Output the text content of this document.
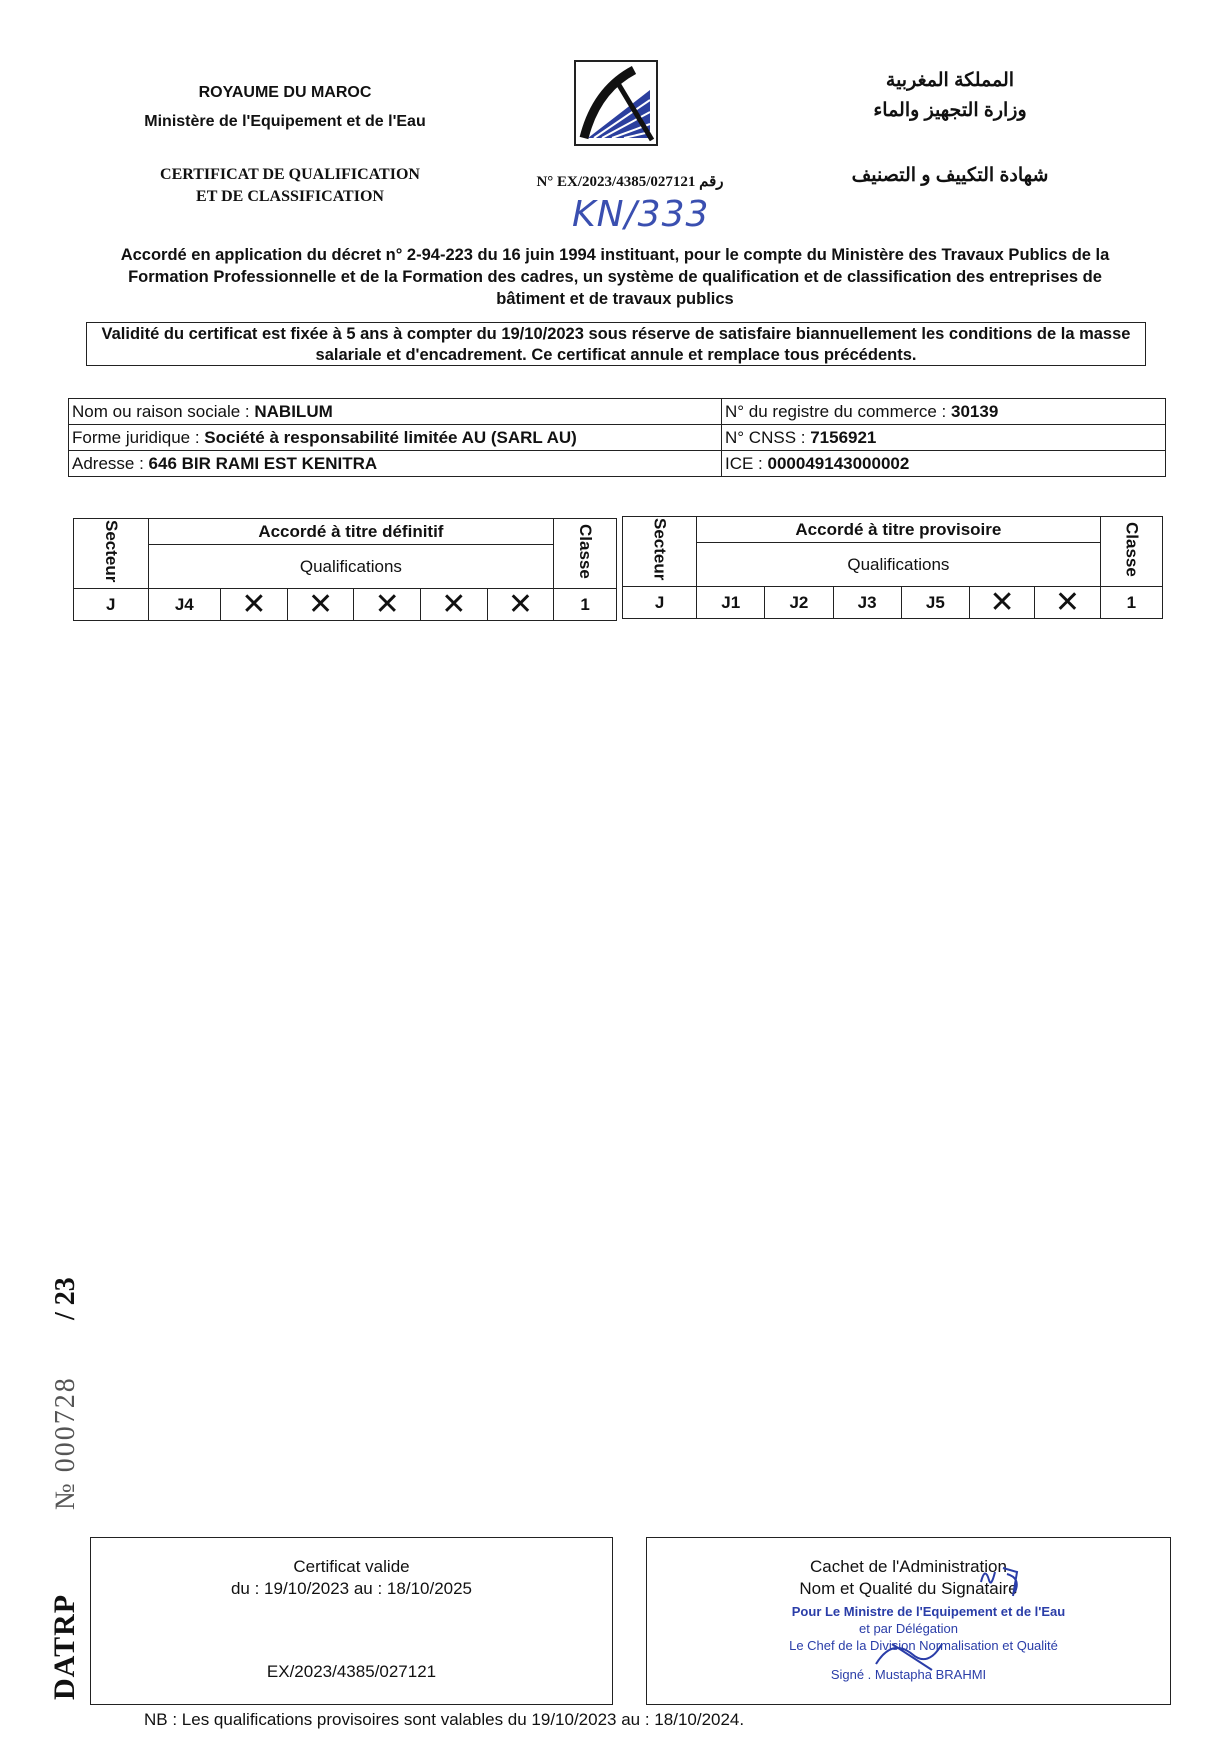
ROYAUME DU MAROC
Ministère de l'Equipement et de l'Eau
المملكة المغربية
وزارة التجهيز والماء
CERTIFICAT DE QUALIFICATION
ET DE CLASSIFICATION
N° EX/2023/4385/027121 رقم	شهادة التكييف و التصنيف
KN/333
Accordé en application du décret n° 2-94-223 du 16 juin 1994 instituant, pour le compte du Ministère des Travaux Publics de la Formation Professionnelle et de la Formation des cadres, un système de qualification et de classification des entreprises de bâtiment et de travaux publics
Validité du certificat est fixée à 5 ans à compter du 19/10/2023 sous réserve de satisfaire biannuellement les conditions de la masse salariale et d'encadrement. Ce certificat annule et remplace tous précédents.
Nom ou raison sociale : NABILUM	N° du registre du commerce : 30139
Forme juridique : Société à responsabilité limitée AU (SARL AU)	N° CNSS : 7156921
Adresse : 646 BIR RAMI EST KENITRA	ICE : 000049143000002
Secteur	Accordé à titre définitif						Classe
	Qualifications						
J	J4	✕	✕	✕	✕	✕	1
Secteur	Accordé à titre provisoire						Classe
	Qualifications						
J	J1	J2	J3	J5	✕	✕	1
DATRP
№ 000728
/ 23
Certificat valide
du : 19/10/2023 au : 18/10/2025
EX/2023/4385/027121
Cachet de l'Administration
Nom et Qualité du Signataire
Pour Le Ministre de l'Equipement et de l'Eau
et par Délégation
Le Chef de la Division Normalisation et Qualité
Signé . Mustapha BRAHMI
NB : Les qualifications provisoires sont valables du 19/10/2023 au : 18/10/2024.
